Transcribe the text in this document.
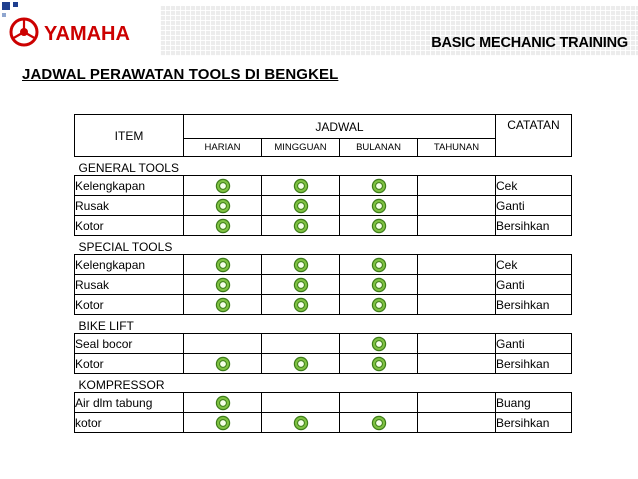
YAMAHA	BASIC MECHANIC TRAINING
JADWAL PERAWATAN TOOLS DI BENGKEL
ITEM	JADWAL				CATATAN
	HARIAN	MINGGUAN	BULANAN	TAHUNAN	
GENERAL TOOLS					
Kelengkapan					Cek
Rusak					Ganti
Kotor					Bersihkan
SPECIAL TOOLS					
Kelengkapan					Cek
Rusak					Ganti
Kotor					Bersihkan
BIKE LIFT					
Seal bocor					Ganti
Kotor					Bersihkan
KOMPRESSOR					
Air dlm tabung					Buang
kotor					Bersihkan
